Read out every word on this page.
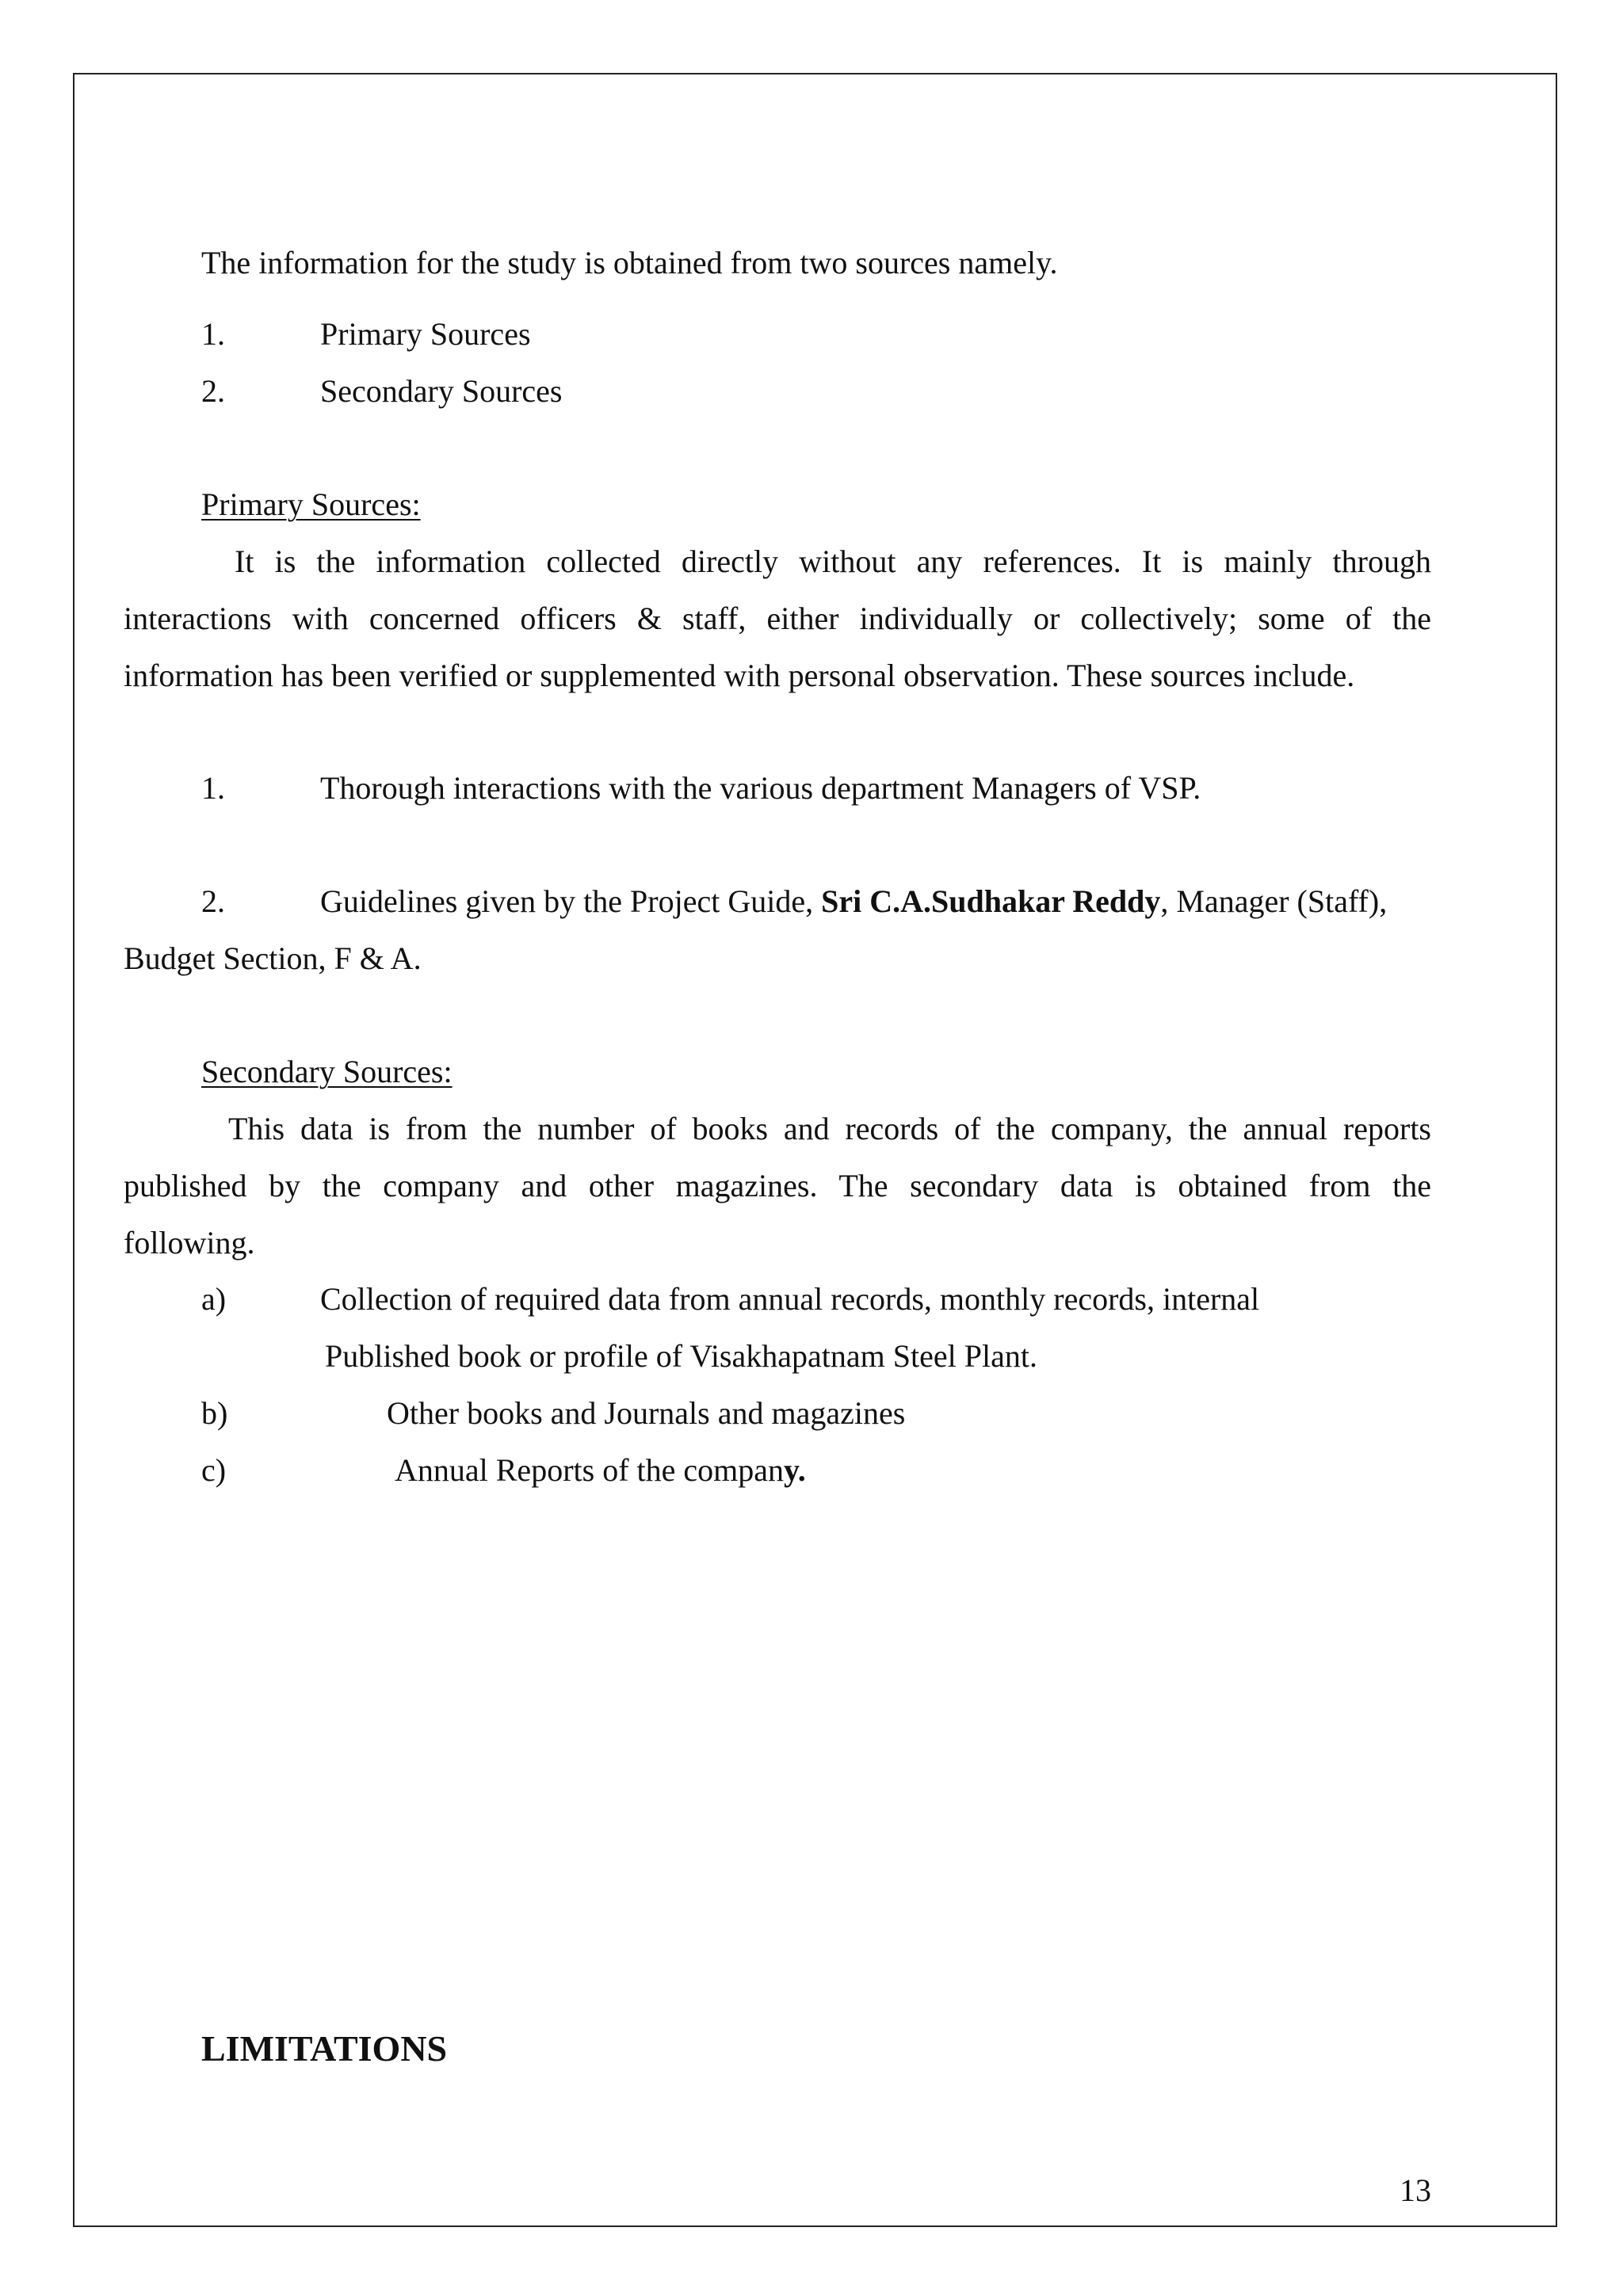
The information for the study is obtained from two sources namely.
1.	Primary Sources
2.	Secondary Sources
Primary Sources:
It is the information collected directly without any references. It is mainly through
interactions with concerned officers & staff, either individually or collectively; some of the
information has been verified or supplemented with personal observation. These sources include.
1.	Thorough interactions with the various department Managers of VSP.
2.	Guidelines given by the Project Guide, Sri C.A.Sudhakar Reddy, Manager (Staff),
Budget Section, F & A.
Secondary Sources:
This data is from the number of books and records of the company, the annual reports
published by the company and other magazines. The secondary data is obtained from the
following.
a)	Collection of required data from annual records, monthly records, internal
Published book or profile of Visakhapatnam Steel Plant.
b)	Other books and Journals and magazines
c)	Annual Reports of the company.
LIMITATIONS
13
